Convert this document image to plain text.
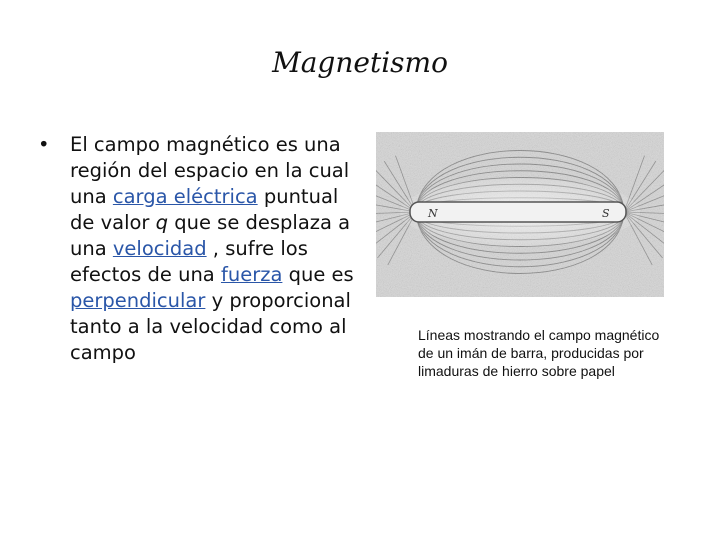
Magnetismo
• El campo magnético es una región del espacio en la cual una carga eléctrica puntual de valor q que se desplaza a una velocidad , sufre los efectos de una fuerza que es perpendicular y proporcional tanto a la velocidad como al campo
N	S
Líneas mostrando el campo magnético de un imán de barra, producidas por limaduras de hierro sobre papel
